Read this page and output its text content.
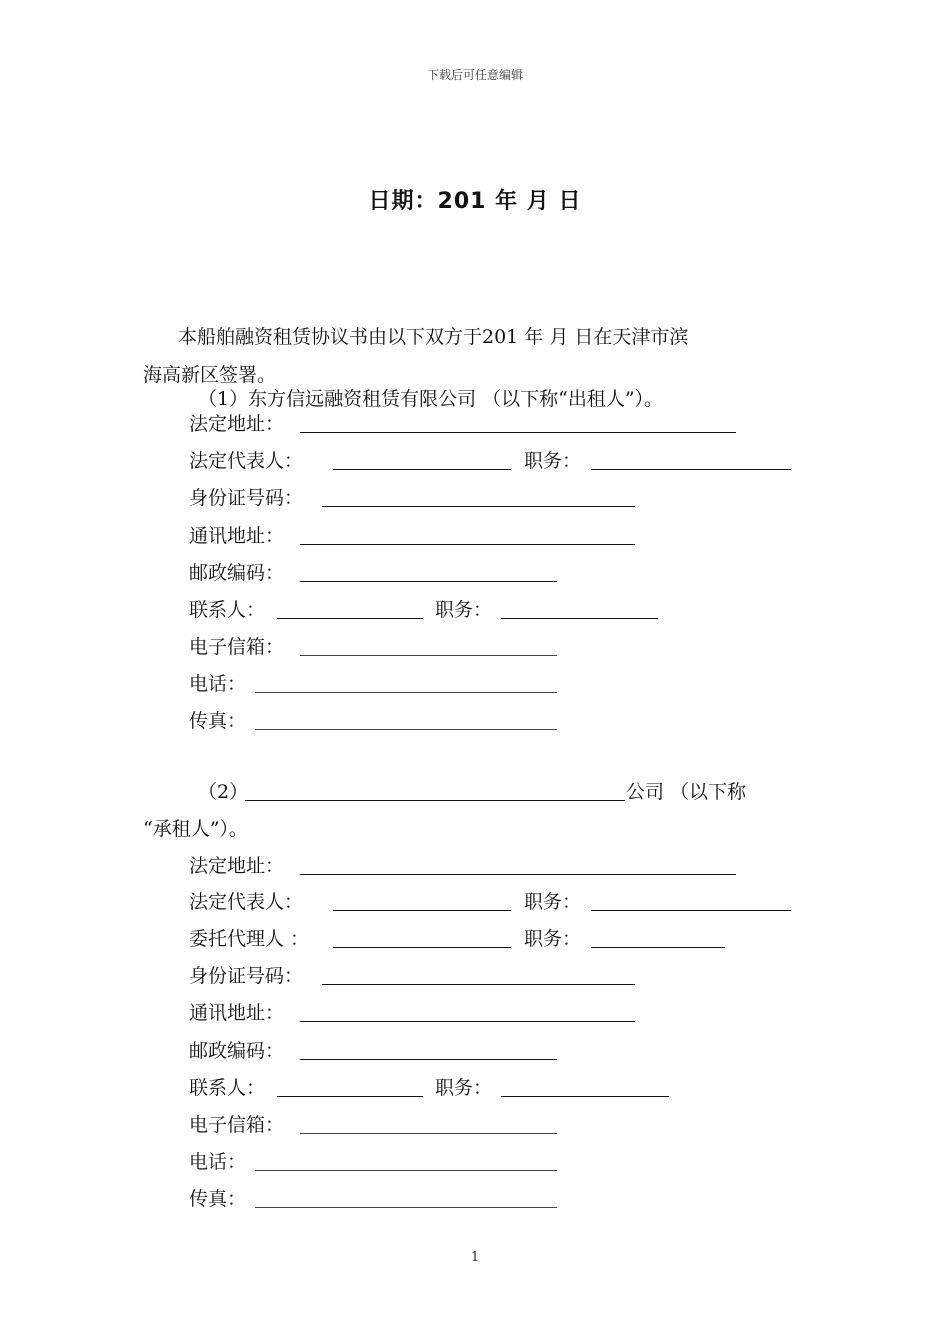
下载后可任意编辑
日期：201 年 月 日
本船舶融资租赁协议书由以下双方于201 年 月 日在天津市滨
海高新区签署。
（1）东方信远融资租赁有限公司 （以下称“出租人”）。
法定地址：
法定代表人：	职务：
身份证号码：
通讯地址：
邮政编码：
联系人：	职务：
电子信箱：
电话：
传真：
（2）	公司 （以下称
“承租人”）。
法定地址：
法定代表人：	职务：
委托代理人 ：	职务：
身份证号码：
通讯地址：
邮政编码：
联系人：	职务：
电子信箱：
电话：
传真：
1
